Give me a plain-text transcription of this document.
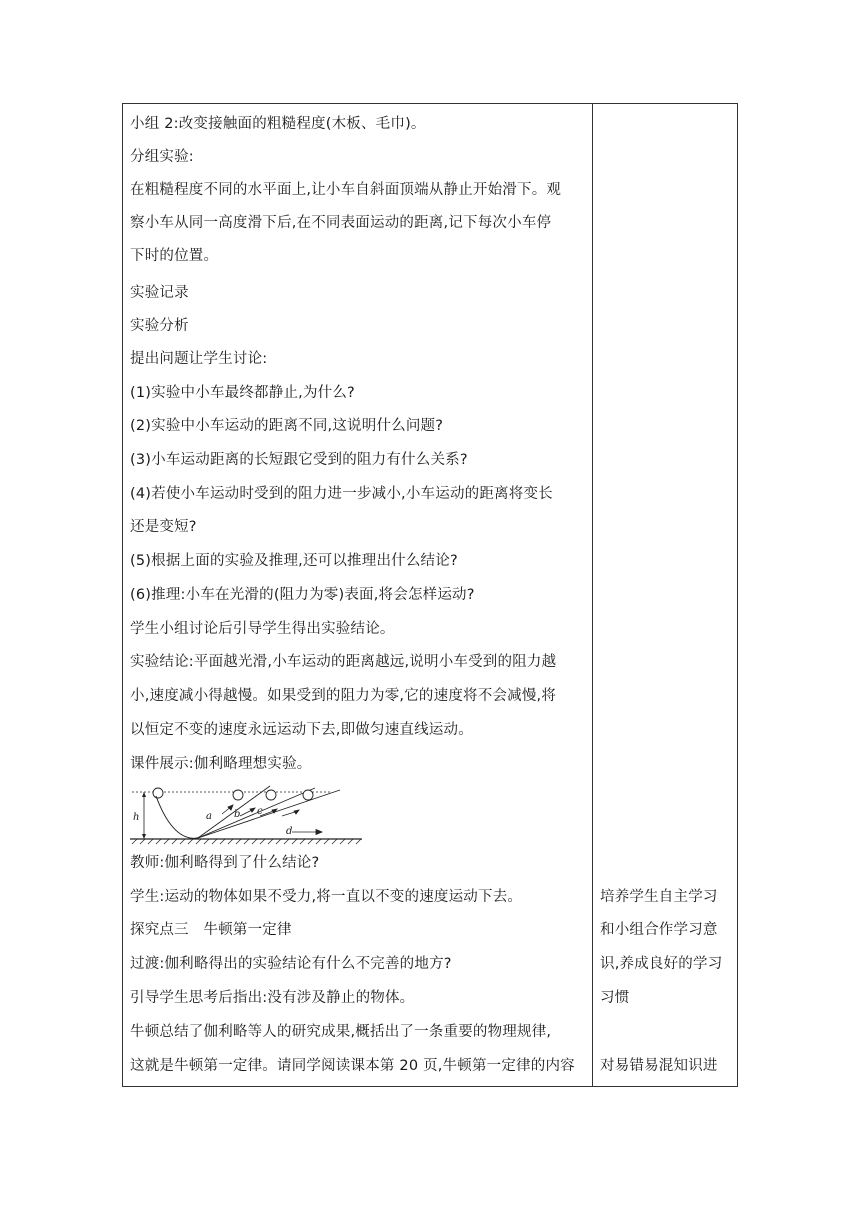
小组 2:改变接触面的粗糙程度(木板、毛巾)。
分组实验:
在粗糙程度不同的水平面上,让小车自斜面顶端从静止开始滑下。观
察小车从同一高度滑下后,在不同表面运动的距离,记下每次小车停
下时的位置。
实验记录
实验分析
提出问题让学生讨论:
(1)实验中小车最终都静止,为什么?
(2)实验中小车运动的距离不同,这说明什么问题?
(3)小车运动距离的长短跟它受到的阻力有什么关系?
(4)若使小车运动时受到的阻力进一步减小,小车运动的距离将变长
还是变短?
(5)根据上面的实验及推理,还可以推理出什么结论?
(6)推理:小车在光滑的(阻力为零)表面,将会怎样运动?
学生小组讨论后引导学生得出实验结论。
实验结论:平面越光滑,小车运动的距离越远,说明小车受到的阻力越
小,速度减小得越慢。如果受到的阻力为零,它的速度将不会减慢,将
以恒定不变的速度永远运动下去,即做匀速直线运动。
课件展示:伽利略理想实验。
教师:伽利略得到了什么结论?
学生:运动的物体如果不受力,将一直以不变的速度运动下去。
探究点三　牛顿第一定律
过渡:伽利略得出的实验结论有什么不完善的地方?
引导学生思考后指出:没有涉及静止的物体。
牛顿总结了伽利略等人的研究成果,概括出了一条重要的物理规律,
这就是牛顿第一定律。请同学阅读课本第 20 页,牛顿第一定律的内容
培养学生自主学习
和小组合作学习意
识,养成良好的学习
习惯
对易错易混知识进
h	a b c
d
